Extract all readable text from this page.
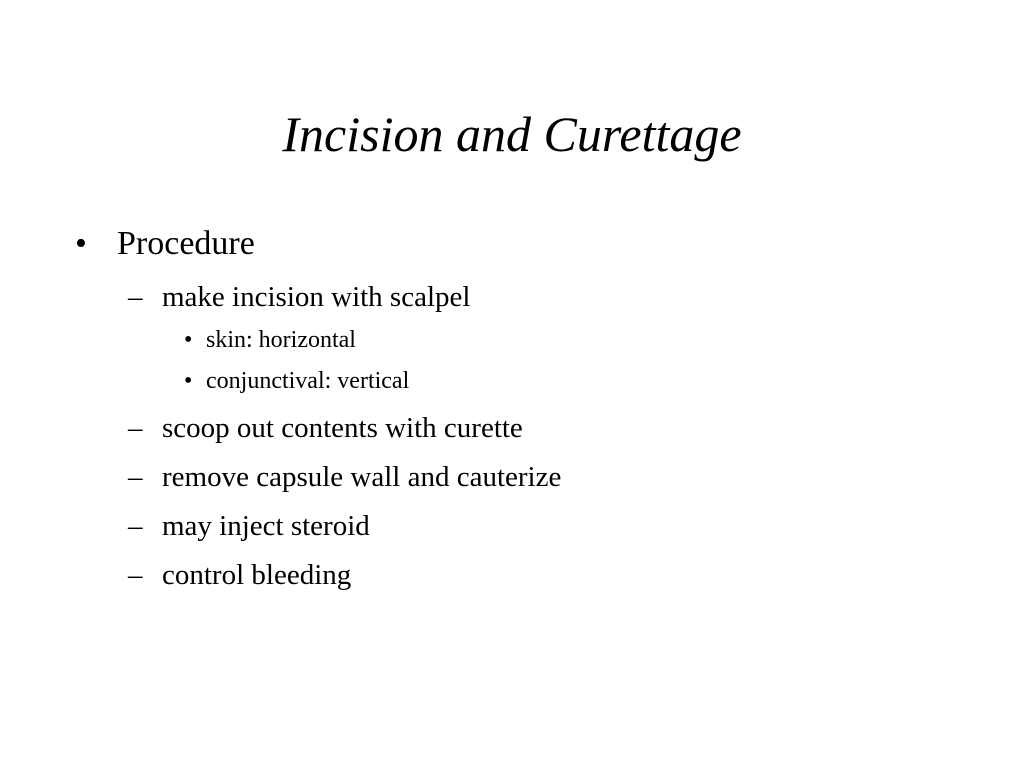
Incision and Curettage
• Procedure
– make incision with scalpel
• skin: horizontal
• conjunctival: vertical
– scoop out contents with curette
– remove capsule wall and cauterize
– may inject steroid
– control bleeding
